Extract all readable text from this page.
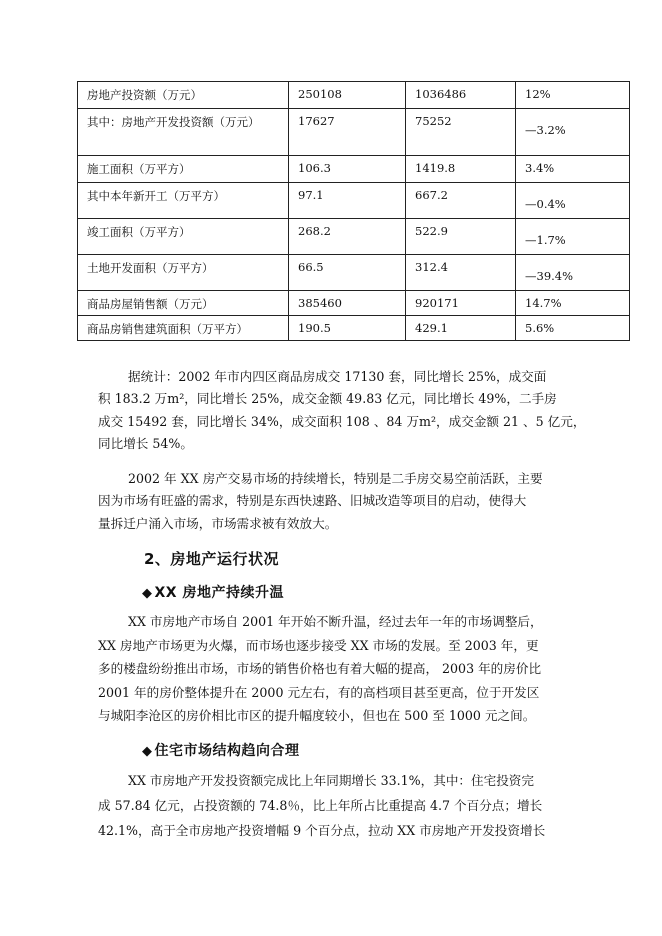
房地产投资额（万元）	250108	1036486	12%

其中：房地产开发投资额（万元）	17627	75252	—3.2%

施工面积（万平方）	106.3	1419.8	3.4%

其中本年新开工（万平方）	97.1	667.2	—0.4%

竣工面积（万平方）	268.2	522.9	—1.7%

土地开发面积（万平方）	66.5	312.4	—39.4%

商品房屋销售额（万元）	385460	920171	14.7%

商品房销售建筑面积（万平方）	190.5	429.1	5.6%
据统计：2002 年市内四区商品房成交 17130 套，同比增长 25%，成交面
积 183.2 万m²，同比增长 25%，成交金额 49.83 亿元，同比增长 49%，二手房
成交 15492 套，同比增长 34%，成交面积 108 、84 万m²，成交金额 21 、5 亿元，
同比增长 54%。
2002 年 XX 房产交易市场的持续增长，特别是二手房交易空前活跃，主要
因为市场有旺盛的需求，特别是东西快速路、旧城改造等项目的启动，使得大
量拆迁户涌入市场，市场需求被有效放大。
2、房地产运行状况
◆ XX 房地产持续升温
XX 市房地产市场自 2001 年开始不断升温，经过去年一年的市场调整后，
XX 房地产市场更为火爆，而市场也逐步接受 XX 市场的发展。至 2003 年，更
多的楼盘纷纷推出市场，市场的销售价格也有着大幅的提高， 2003 年的房价比
2001 年的房价整体提升在 2000 元左右，有的高档项目甚至更高，位于开发区
与城阳李沧区的房价相比市区的提升幅度较小，但也在 500 至 1000 元之间。
◆ 住宅市场结构趋向合理
XX 市房地产开发投资额完成比上年同期增长 33.1%，其中：住宅投资完
成 57.84 亿元，占投资额的 74.8％，比上年所占比重提高 4.7 个百分点；增长
42.1%，高于全市房地产投资增幅 9 个百分点，拉动 XX 市房地产开发投资增长
